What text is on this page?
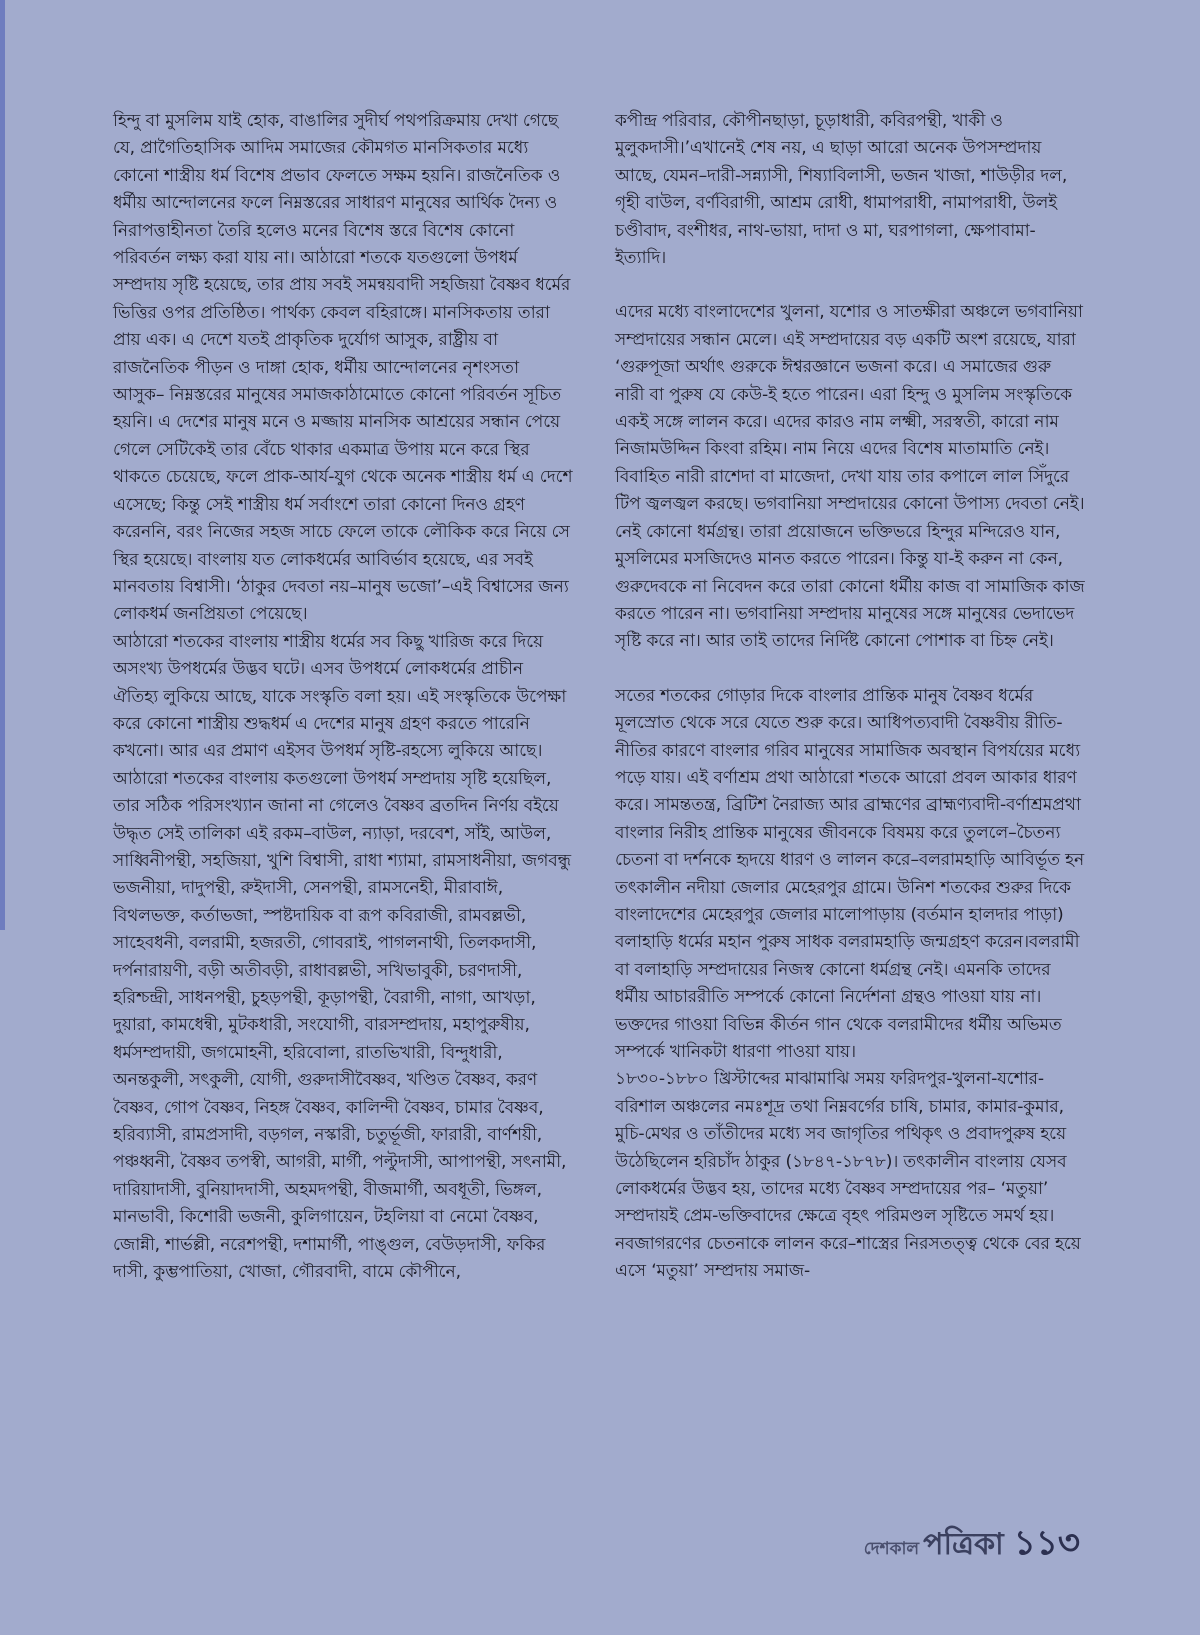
হিন্দু বা মুসলিম যাই হোক, বাঙালির সুদীর্ঘ পথপরিক্রমায় দেখা গেছে যে, প্রাগৈতিহাসিক আদিম সমাজের কৌমগত মানসিকতার মধ্যে কোনো শাস্ত্রীয় ধর্ম বিশেষ প্রভাব ফেলতে সক্ষম হয়নি। রাজনৈতিক ও ধর্মীয় আন্দোলনের ফলে নিম্নস্তরের সাধারণ মানুষের আর্থিক দৈন্য ও নিরাপত্তাহীনতা তৈরি হলেও মনের বিশেষ স্তরে বিশেষ কোনো পরিবর্তন লক্ষ্য করা যায় না। আঠারো শতকে যতগুলো উপধর্ম সম্প্রদায় সৃষ্টি হয়েছে, তার প্রায় সবই সমন্বয়বাদী সহজিয়া বৈষ্ণব ধর্মের ভিত্তির ওপর প্রতিষ্ঠিত। পার্থক্য কেবল বহিরাঙ্গে। মানসিকতায় তারা প্রায় এক। এ দেশে যতই প্রাকৃতিক দুর্যোগ আসুক, রাষ্ট্রীয় বা রাজনৈতিক পীড়ন ও দাঙ্গা হোক, ধর্মীয় আন্দোলনের নৃশংসতা আসুক– নিম্নস্তরের মানুষের সমাজকাঠামোতে কোনো পরিবর্তন সূচিত হয়নি। এ দেশের মানুষ মনে ও মজ্জায় মানসিক আশ্রয়ের সন্ধান পেয়ে গেলে সেটিকেই তার বেঁচে থাকার একমাত্র উপায় মনে করে স্থির থাকতে চেয়েছে, ফলে প্রাক-আর্য-যুগ থেকে অনেক শাস্ত্রীয় ধর্ম এ দেশে এসেছে; কিন্তু সেই শাস্ত্রীয় ধর্ম সর্বাংশে তারা কোনো দিনও গ্রহণ করেননি, বরং নিজের সহজ সাচে ফেলে তাকে লৌকিক করে নিয়ে সে স্থির হয়েছে। বাংলায় যত লোকধর্মের আবির্ভাব হয়েছে, এর সবই মানবতায় বিশ্বাসী। ‘ঠাকুর দেবতা নয়–মানুষ ভজো’–এই বিশ্বাসের জন্য লোকধর্ম জনপ্রিয়তা পেয়েছে।

আঠারো শতকের বাংলায় শাস্ত্রীয় ধর্মের সব কিছু খারিজ করে দিয়ে অসংখ্য উপধর্মের উদ্ভব ঘটে। এসব উপধর্মে লোকধর্মের প্রাচীন ঐতিহ্য লুকিয়ে আছে, যাকে সংস্কৃতি বলা হয়। এই সংস্কৃতিকে উপেক্ষা করে কোনো শাস্ত্রীয় শুদ্ধধর্ম এ দেশের মানুষ গ্রহণ করতে পারেনি কখনো। আর এর প্রমাণ এইসব উপধর্ম সৃষ্টি-রহস্যে লুকিয়ে আছে। আঠারো শতকের বাংলায় কতগুলো উপধর্ম সম্প্রদায় সৃষ্টি হয়েছিল, তার সঠিক পরিসংখ্যান জানা না গেলেও বৈষ্ণব ব্রতদিন নির্ণয় বইয়ে উদ্ধৃত সেই তালিকা এই রকম–বাউল, ন্যাড়া, দরবেশ, সাঁই, আউল, সাধ্বিনীপন্থী, সহজিয়া, খুশি বিশ্বাসী, রাধা শ্যামা, রামসাধনীয়া, জগবন্ধু ভজনীয়া, দাদুপন্থী, রুইদাসী, সেনপন্থী, রামসনেহী, মীরাবাঈ, বিথলভক্ত, কর্তাভজা, স্পষ্টদায়িক বা রূপ কবিরাজী, রামবল্লভী, সাহেবধনী, বলরামী, হজরতী, গোবরাই, পাগলনাথী, তিলকদাসী, দর্পনারায়ণী, বড়ী অতীবড়ী, রাধাবল্লভী, সখিভাবুকী, চরণদাসী, হরিশ্চন্দ্রী, সাধনপন্থী, চুহড়পন্থী, কূড়াপন্থী, বৈরাগী, নাগা, আখড়া, দুয়ারা, কামধেন্বী, মুটকধারী, সংযোগী, বারসম্প্রদায়, মহাপুরুষীয়, ধর্মসম্প্রদায়ী, জগমোহনী, হরিবোলা, রাতভিখারী, বিন্দুধারী, অনন্তকুলী, সৎকুলী, যোগী, গুরুদাসীবৈষ্ণব, খণ্ডিত বৈষ্ণব, করণ বৈষ্ণব, গোপ বৈষ্ণব, নিহঙ্গ বৈষ্ণব, কালিন্দী বৈষ্ণব, চামার বৈষ্ণব, হরিব্যাসী, রামপ্রসাদী, বড়গল, নস্কারী, চতুর্ভূজী, ফারারী, বার্ণশয়ী, পঞ্চধ্বনী, বৈষ্ণব তপস্বী, আগরী, মার্গী, পল্টুদাসী, আপাপন্থী, সৎনামী, দারিয়াদাসী, বুনিয়াদদাসী, অহমদপন্থী, বীজমার্গী, অবধূতী, ভিঙ্গল, মানভাবী, কিশোরী ভজনী, কুলিগায়েন, টহলিয়া বা নেমো বৈষ্ণব, জোন্নী, শার্ভল্লী, নরেশপন্থী, দশামার্গী, পাঙ্গুল, বেউড়দাসী, ফকির দাসী, কুম্ভপাতিয়া, খোজা, গৌরবাদী, বামে কৌপীনে,

কপীন্দ্র পরিবার, কৌপীনছাড়া, চূড়াধারী, কবিরপন্থী, খাকী ও মুলুকদাসী।’এখানেই শেষ নয়, এ ছাড়া আরো অনেক উপসম্প্রদায় আছে, যেমন–দারী-সন্ন্যাসী, শিষ্যাবিলাসী, ভজন খাজা, শাউড়ীর দল, গৃহী বাউল, বর্ণবিরাগী, আশ্রম রোধী, ধামাপরাধী, নামাপরাধী, উলই চণ্ডীবাদ, বংশীধর, নাথ-ভায়া, দাদা ও মা, ঘরপাগলা, ক্ষেপাবামা-ইত্যাদি।

এদের মধ্যে বাংলাদেশের খুলনা, যশোর ও সাতক্ষীরা অঞ্চলে ভগবানিয়া সম্প্রদায়ের সন্ধান মেলে। এই সম্প্রদায়ের বড় একটি অংশ রয়েছে, যারা ‘গুরুপূজা অর্থাৎ গুরুকে ঈশ্বরজ্ঞানে ভজনা করে। এ সমাজের গুরু নারী বা পুরুষ যে কেউ-ই হতে পারেন। এরা হিন্দু ও মুসলিম সংস্কৃতিকে একই সঙ্গে লালন করে। এদের কারও নাম লক্ষ্মী, সরস্বতী, কারো নাম নিজামউদ্দিন কিংবা রহিম। নাম নিয়ে এদের বিশেষ মাতামাতি নেই। বিবাহিত নারী রাশেদা বা মাজেদা, দেখা যায় তার কপালে লাল সিঁদুরে টিপ জ্বলজ্বল করছে। ভগবানিয়া সম্প্রদায়ের কোনো উপাস্য দেবতা নেই। নেই কোনো ধর্মগ্রন্থ। তারা প্রয়োজনে ভক্তিভরে হিন্দুর মন্দিরেও যান, মুসলিমের মসজিদেও মানত করতে পারেন। কিন্তু যা-ই করুন না কেন, গুরুদেবকে না নিবেদন করে তারা কোনো ধর্মীয় কাজ বা সামাজিক কাজ করতে পারেন না। ভগবানিয়া সম্প্রদায় মানুষের সঙ্গে মানুষের ভেদাভেদ সৃষ্টি করে না। আর তাই তাদের নির্দিষ্ট কোনো পোশাক বা চিহ্ন নেই।

সতের শতকের গোড়ার দিকে বাংলার প্রান্তিক মানুষ বৈষ্ণব ধর্মের মূলস্রোত থেকে সরে যেতে শুরু করে। আধিপত্যবাদী বৈষ্ণবীয় রীতি-নীতির কারণে বাংলার গরিব মানুষের সামাজিক অবস্থান বিপর্যয়ের মধ্যে পড়ে যায়। এই বর্ণাশ্রম প্রথা আঠারো শতকে আরো প্রবল আকার ধারণ করে। সামন্ততন্ত্র, ব্রিটিশ নৈরাজ্য আর ব্রাহ্মণের ব্রাহ্মণ্যবাদী-বর্ণাশ্রমপ্রথা বাংলার নিরীহ প্রান্তিক মানুষের জীবনকে বিষময় করে তুললে–চৈতন্য চেতনা বা দর্শনকে হৃদয়ে ধারণ ও লালন করে–বলরামহাড়ি আবির্ভূত হন তৎকালীন নদীয়া জেলার মেহেরপুর গ্রামে। উনিশ শতকের শুরুর দিকে বাংলাদেশের মেহেরপুর জেলার মালোপাড়ায় (বর্তমান হালদার পাড়া) বলাহাড়ি ধর্মের মহান পুরুষ সাধক বলরামহাড়ি জন্মগ্রহণ করেন।বলরামী বা বলাহাড়ি সম্প্রদায়ের নিজস্ব কোনো ধর্মগ্রন্থ নেই। এমনকি তাদের ধর্মীয় আচাররীতি সম্পর্কে কোনো নির্দেশনা গ্রন্থও পাওয়া যায় না। ভক্তদের গাওয়া বিভিন্ন কীর্তন গান থেকে বলরামীদের ধর্মীয় অভিমত সম্পর্কে খানিকটা ধারণা পাওয়া যায়।

১৮৩০-১৮৮০ খ্রিস্টাব্দের মাঝামাঝি সময় ফরিদপুর-খুলনা-যশোর-বরিশাল অঞ্চলের নমঃশূদ্র তথা নিম্নবর্গের চাষি, চামার, কামার-কুমার, মুচি-মেথর ও তাঁতীদের মধ্যে সব জাগৃতির পথিকৃৎ ও প্রবাদপুরুষ হয়ে উঠেছিলেন হরিচাঁদ ঠাকুর (১৮৪৭-১৮৭৮)। তৎকালীন বাংলায় যেসব লোকধর্মের উদ্ভব হয়, তাদের মধ্যে বৈষ্ণব সম্প্রদায়ের পর– ‘মতুয়া’ সম্প্রদায়ই প্রেম-ভক্তিবাদের ক্ষেত্রে বৃহৎ পরিমণ্ডল সৃষ্টিতে সমর্থ হয়। নবজাগরণের চেতনাকে লালন করে–শাস্ত্রের নিরসতত্ত্ব থেকে বের হয়ে এসে ‘মতুয়া’ সম্প্রদায় সমাজ-

দেশকাল পত্রিকা ১১৩
